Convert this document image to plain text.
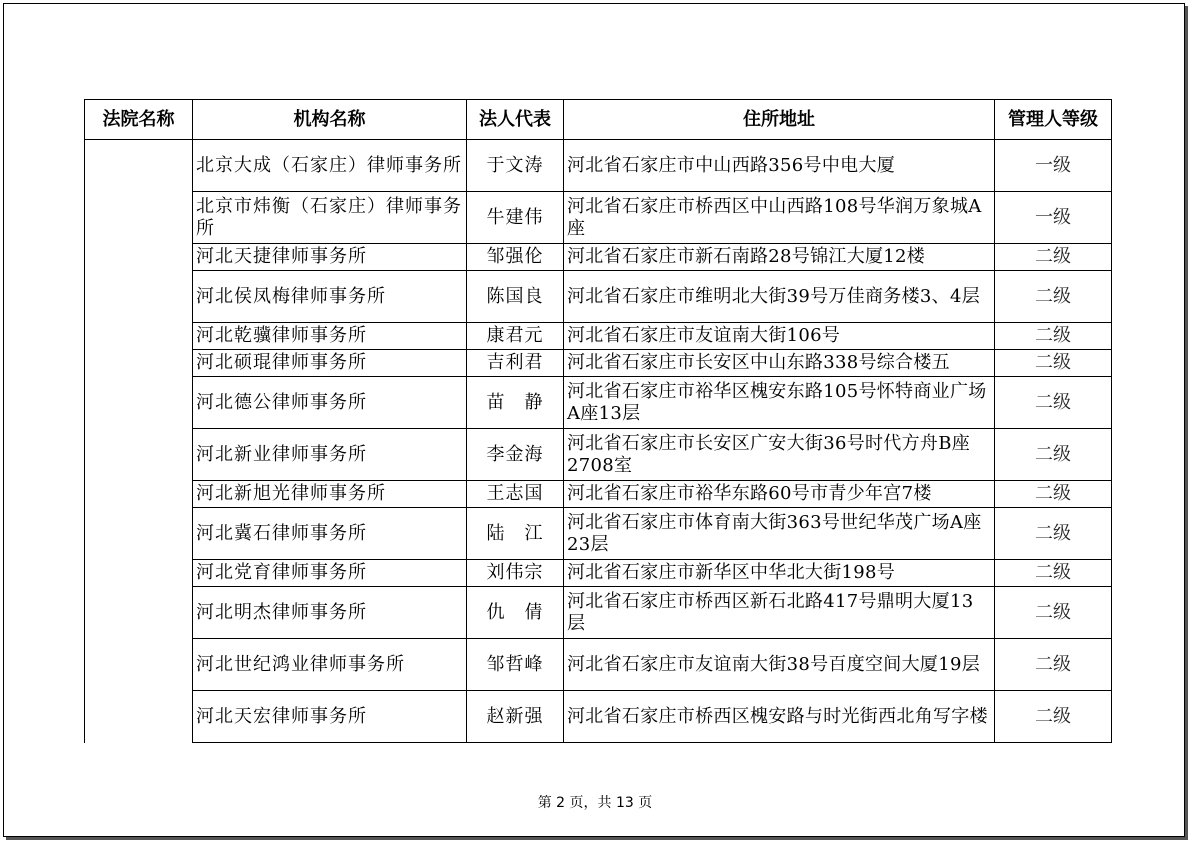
法院名称	机构名称	法人代表	住所地址	管理人等级
	北京大成（石家庄）律师事务所	于文涛	河北省石家庄市中山西路356号中电大厦	一级
	北京市炜衡（石家庄）律师事务所	牛建伟	河北省石家庄市桥西区中山西路108号华润万象城A座	一级
	河北天捷律师事务所	邹强伦	河北省石家庄市新石南路28号锦江大厦12楼	二级
	河北侯凤梅律师事务所	陈国良	河北省石家庄市维明北大街39号万佳商务楼3、4层	二级
	河北乾骥律师事务所	康君元	河北省石家庄市友谊南大街106号	二级
	河北硕琨律师事务所	吉利君	河北省石家庄市长安区中山东路338号综合楼五	二级
	河北德公律师事务所	苗　静	河北省石家庄市裕华区槐安东路105号怀特商业广场A座13层	二级
	河北新业律师事务所	李金海	河北省石家庄市长安区广安大街36号时代方舟B座2708室	二级
	河北新旭光律师事务所	王志国	河北省石家庄市裕华东路60号市青少年宫7楼	二级
	河北冀石律师事务所	陆　江	河北省石家庄市体育南大街363号世纪华茂广场A座23层	二级
	河北党育律师事务所	刘伟宗	河北省石家庄市新华区中华北大街198号	二级
	河北明杰律师事务所	仇　倩	河北省石家庄市桥西区新石北路417号鼎明大厦13层	二级
	河北世纪鸿业律师事务所	邹哲峰	河北省石家庄市友谊南大街38号百度空间大厦19层	二级
	河北天宏律师事务所	赵新强	河北省石家庄市桥西区槐安路与时光街西北角写字楼	二级
第 2 页，共 13 页
